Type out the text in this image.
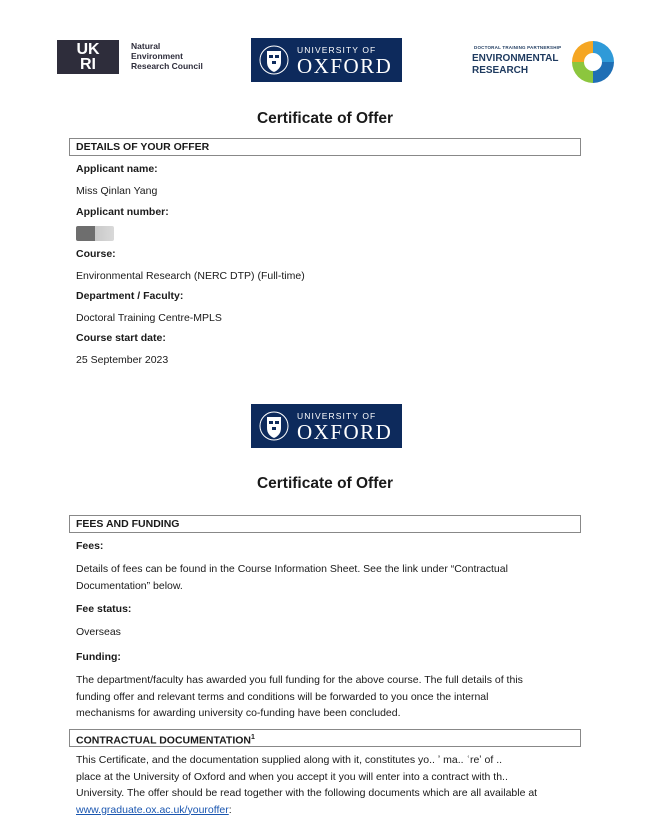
UK
RI
Natural
Environment
Research Council
UNIVERSITY OF
OXFORD
DOCTORAL TRAINING PARTNERSHIP
ENVIRONMENTAL
RESEARCH
Certificate of Offer
DETAILS OF YOUR OFFER
Applicant name:
Miss Qinlan Yang
Applicant number:
Course:
Environmental Research (NERC DTP) (Full-time)
Department / Faculty:
Doctoral Training Centre-MPLS
Course start date:
25 September 2023
UNIVERSITY OF
OXFORD
Certificate of Offer
FEES AND FUNDING
Fees:
Details of fees can be found in the Course Information Sheet. See the link under “Contractual
Documentation” below.
Fee status:
Overseas
Funding:
The department/faculty has awarded you full funding for the above course. The full details of this
funding offer and relevant terms and conditions will be forwarded to you once the internal
mechanisms for awarding university co-funding have been concluded.
CONTRACTUAL DOCUMENTATION$^1$
This Certificate, and the documentation supplied along with it, constitutes yo.. ʼ ma.. ʿreʼ of ..
place at the University of Oxford and when you accept it you will enter into a contract with th..
University. The offer should be read together with the following documents which are all available at
www.graduate.ox.ac.uk/youroffer:
